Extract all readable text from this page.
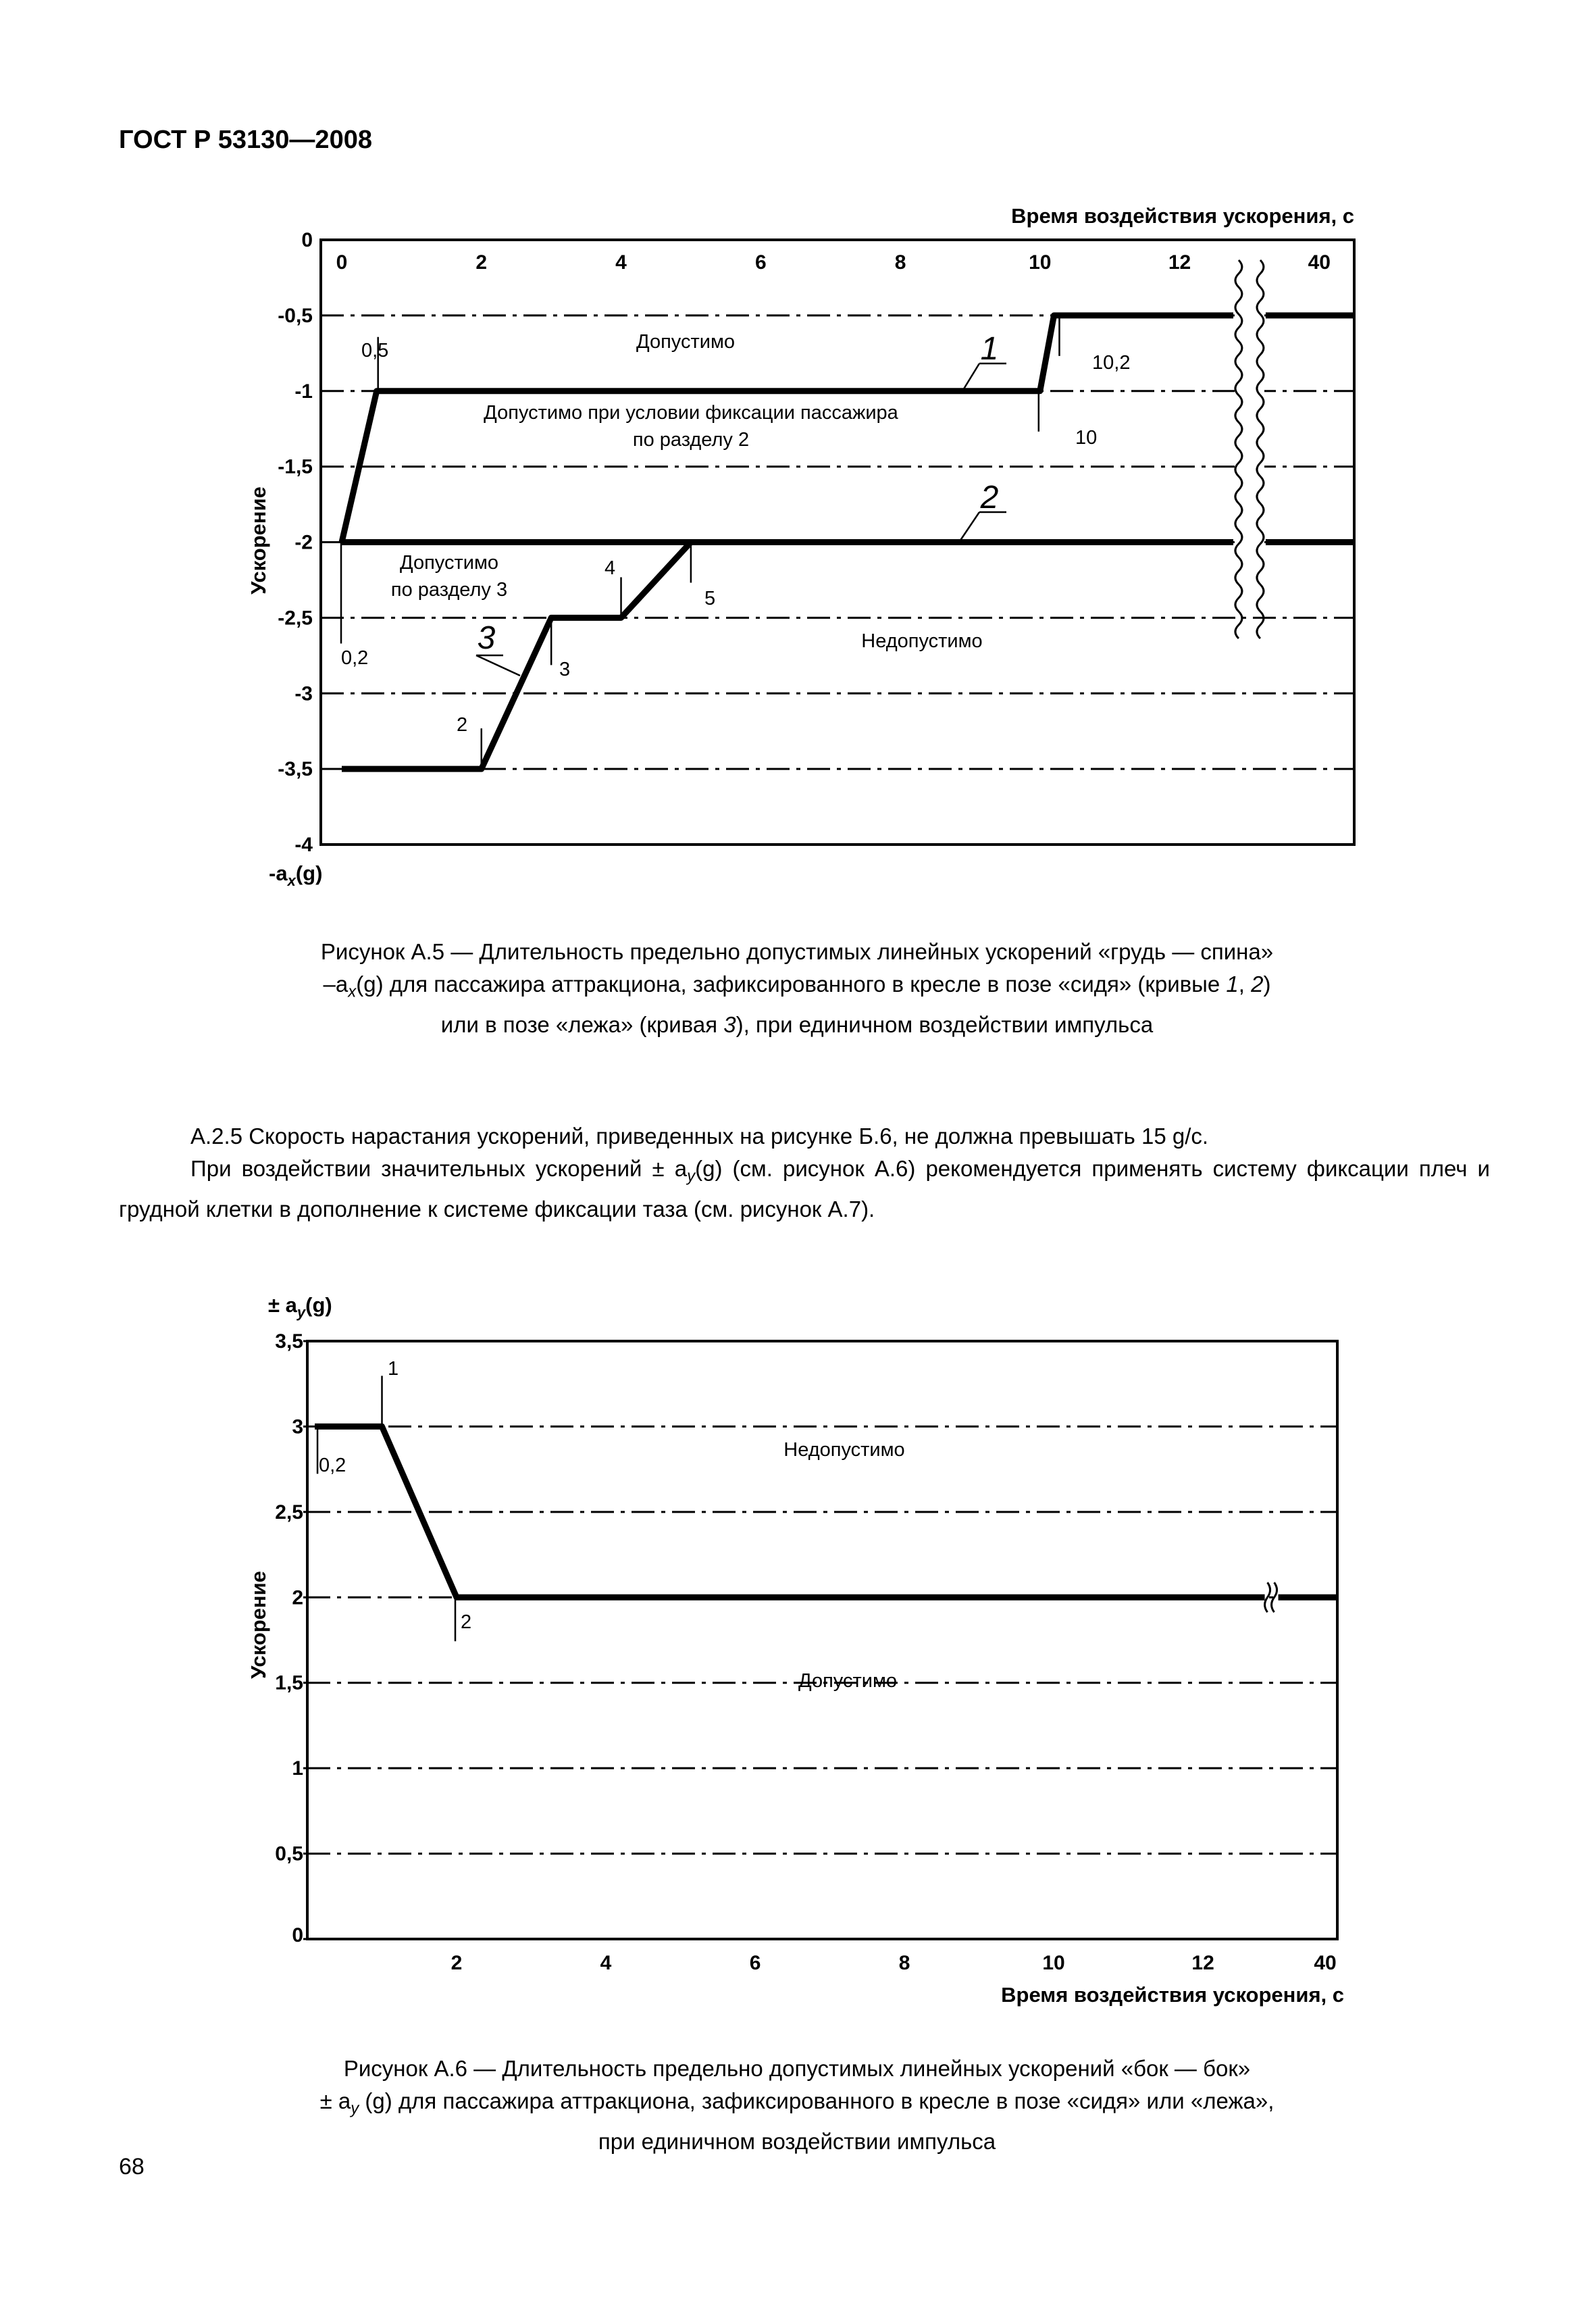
ГОСТ Р 53130—2008
0
-0,5
-1
-1,5
-2
-2,5
-3
-3,5
-4
0	2	4	6	8	10	12	40
Время воздействия ускорения, с
Ускорение
$-a_x(g)$
Допустимо
Допустимо при условии фиксации пассажира
по разделу 2
Допустимо
по разделу 3
Недопустимо
0,5
10,2
10
0,2
2
3
4
5
1
2
3
Рисунок А.5 — Длительность предельно допустимых линейных ускорений «грудь — спина»
$-a_x(g)$ для пассажира аттракциона, зафиксированного в кресле в позе «сидя» (кривые 1, 2)
или в позе «лежа» (кривая 3), при единичном воздействии импульса

А.2.5 Скорость нарастания ускорений, приведенных на рисунке Б.6, не должна превышать 15 g/c.

При воздействии значительных ускорений ± $a_y(g)$ (см. рисунок А.6) рекомендуется применять систему фиксации плеч и грудной клетки в дополнение к системе фиксации таза (см. рисунок А.7).

0
0,5
1
1,5
2
2,5
3
3,5
2	4	6	8	10	12	40
± $a_y(g)$
Ускорение
Время воздействия ускорения, с
Недопустимо
Допустимо
0,2
1
2
Рисунок А.6 — Длительность предельно допустимых линейных ускорений «бок — бок»
± $a_y$ (g) для пассажира аттракциона, зафиксированного в кресле в позе «сидя» или «лежа»,
при единичном воздействии импульса
68
